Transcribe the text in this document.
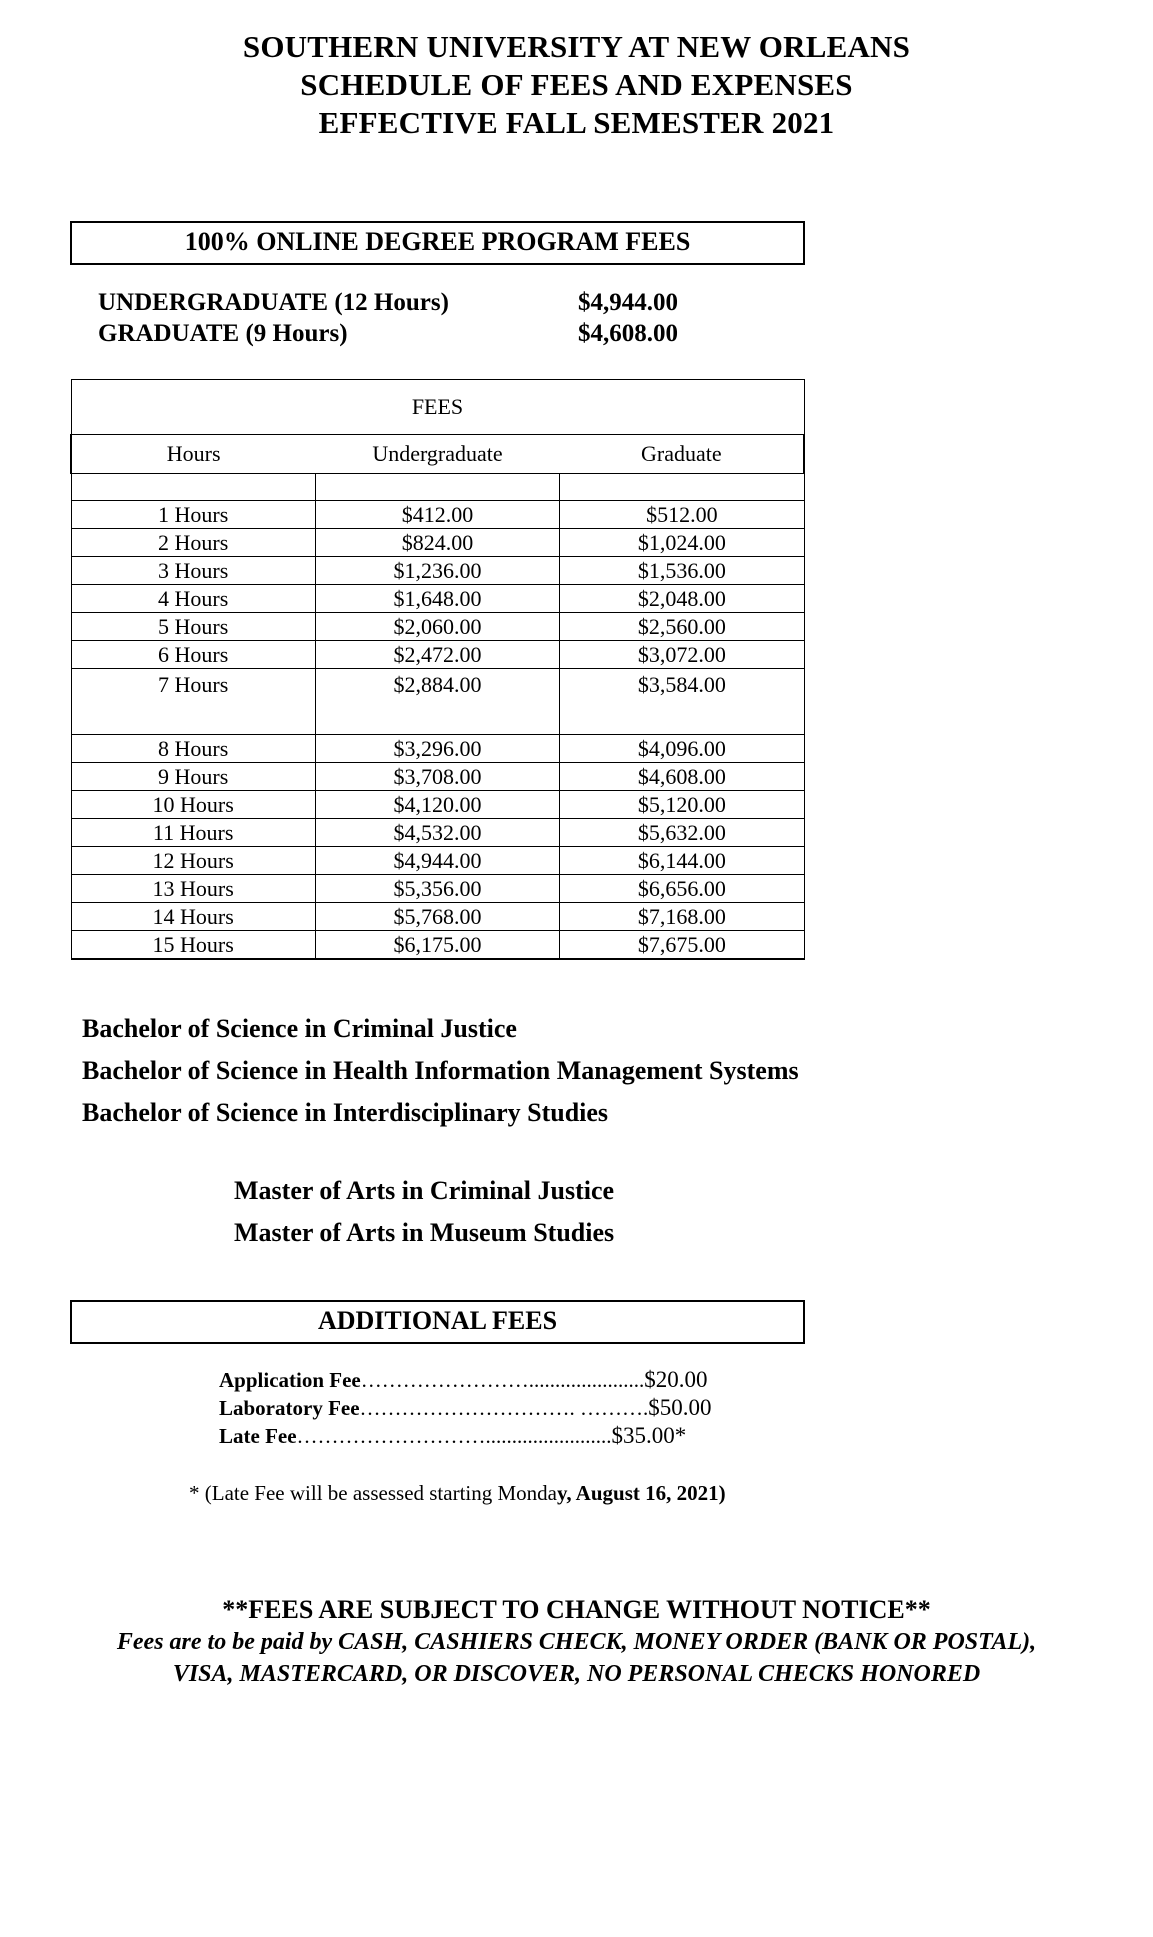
SOUTHERN UNIVERSITY AT NEW ORLEANS
SCHEDULE OF FEES AND EXPENSES
EFFECTIVE FALL SEMESTER 2021
100% ONLINE DEGREE PROGRAM FEES
UNDERGRADUATE (12 Hours)	$4,944.00
GRADUATE (9 Hours)	$4,608.00
FEES		
Hours	Undergraduate	Graduate

1 Hours	$412.00	$512.00
2 Hours	$824.00	$1,024.00
3 Hours	$1,236.00	$1,536.00
4 Hours	$1,648.00	$2,048.00
5 Hours	$2,060.00	$2,560.00
6 Hours	$2,472.00	$3,072.00
7 Hours	$2,884.00	$3,584.00
8 Hours	$3,296.00	$4,096.00
9 Hours	$3,708.00	$4,608.00
10 Hours	$4,120.00	$5,120.00
11 Hours	$4,532.00	$5,632.00
12 Hours	$4,944.00	$6,144.00
13 Hours	$5,356.00	$6,656.00
14 Hours	$5,768.00	$7,168.00
15 Hours	$6,175.00	$7,675.00
Bachelor of Science in Criminal Justice
Bachelor of Science in Health Information Management Systems
Bachelor of Science in Interdisciplinary Studies
Master of Arts in Criminal Justice
Master of Arts in Museum Studies
ADDITIONAL FEES
Application Fee ……………………...................... $20.00
Laboratory Fee …………………………. ………. $50.00
Late Fee ………………………........................ $35.00*
* (Late Fee will be assessed starting Monday, August 16, 2021)
**FEES ARE SUBJECT TO CHANGE WITHOUT NOTICE**
Fees are to be paid by CASH, CASHIERS CHECK, MONEY ORDER (BANK OR POSTAL),
VISA, MASTERCARD, OR DISCOVER, NO PERSONAL CHECKS HONORED
